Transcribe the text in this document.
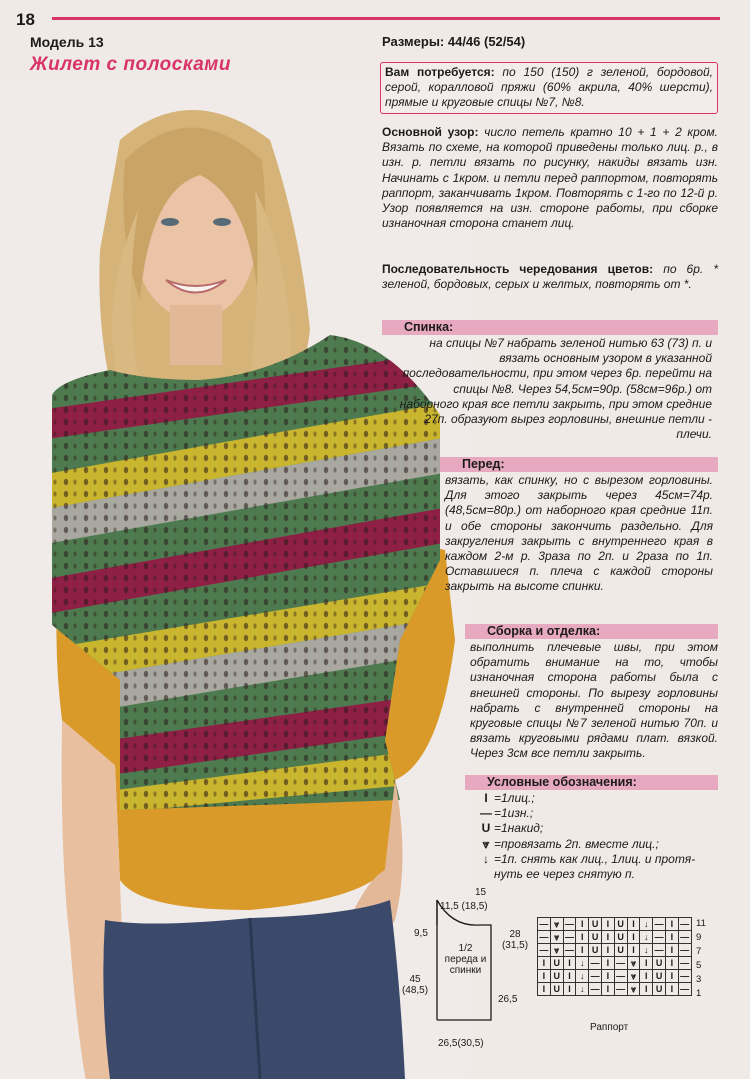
18
Модель 13
Жилет с полосками
Размеры: 44/46 (52/54)
Вам потребуется: по 150 (150) г зеленой, бордовой, серой, коралловой пряжи (60% акрила, 40% шерсти), прямые и круговые спицы №7, №8.
Основной узор: число петель кратно 10 + 1 + 2 кром. Вязать по схеме, на которой приведены только лиц. р., в изн. р. петли вязать по рисунку, накиды вязать изн. Начинать с 1кром. и петли перед раппортом, повторять раппорт, заканчивать 1кром. Повторять с 1-го по 12-й р. Узор появляется на изн. стороне работы, при сборке изнаночная сторона станет лиц.
Последовательность чередования цветов: по 6р. * зеленой, бордовых, серых и желтых, повторять от *.
Спинка:
на спицы №7 набрать зеленой нитью 63 (73) п. и вязать основным узором в указанной последовательности, при этом через 6р. перейти на спицы №8. Через 54,5см=90р. (58см=96р.) от наборного края все петли закрыть, при этом средние 27п. образуют вырез горловины, внешние петли - плечи.
Перед:
вязать, как спинку, но с вырезом горловины. Для этого закрыть через 45см=74р. (48,5см=80р.) от наборного края средние 11п. и обе стороны закончить раздельно. Для закругления закрыть с внутреннего края в каждом 2-м р. 3раза по 2п. и 2раза по 1п. Оставшиеся п. плеча с каждой стороны закрыть на высоте спинки.
Сборка и отделка:
выполнить плечевые швы, при этом обратить внимание на то, чтобы изнаночная сторона работы была с внешней стороны. По вырезу горловины набрать с внутренней стороны на круговые спицы №7 зеленой нитью 70п. и вязать круговыми рядами плат. вязкой. Через 3см все петли закрыть.
Условные обозначения:
I =1лиц.;
— =1изн.;
U =1накид;
⩔ =провязать 2п. вместе лиц.;
↓ =1п. снять как лиц., 1лиц. и протя-
нуть ее через снятую п.
15
11,5 (18,5)
9,5	28 (31,5)
1/2 переда и спинки
45 (48,5)
26,5
26,5(30,5)
—	⩔	—	I	U	I	U	I	↓	—	I	—
—	⩔	—	I	U	I	U	I	↓	—	I	—
—	⩔	—	I	U	I	U	I	↓	—	I	—
I	U	I	↓	—	I	—	⩔	I	U	I	—
I	U	I	↓	—	I	—	⩔	I	U	I	—
I	U	I	↓	—	I	—	⩔	I	U	I	—
11
9
7
5
3
1
Раппорт
